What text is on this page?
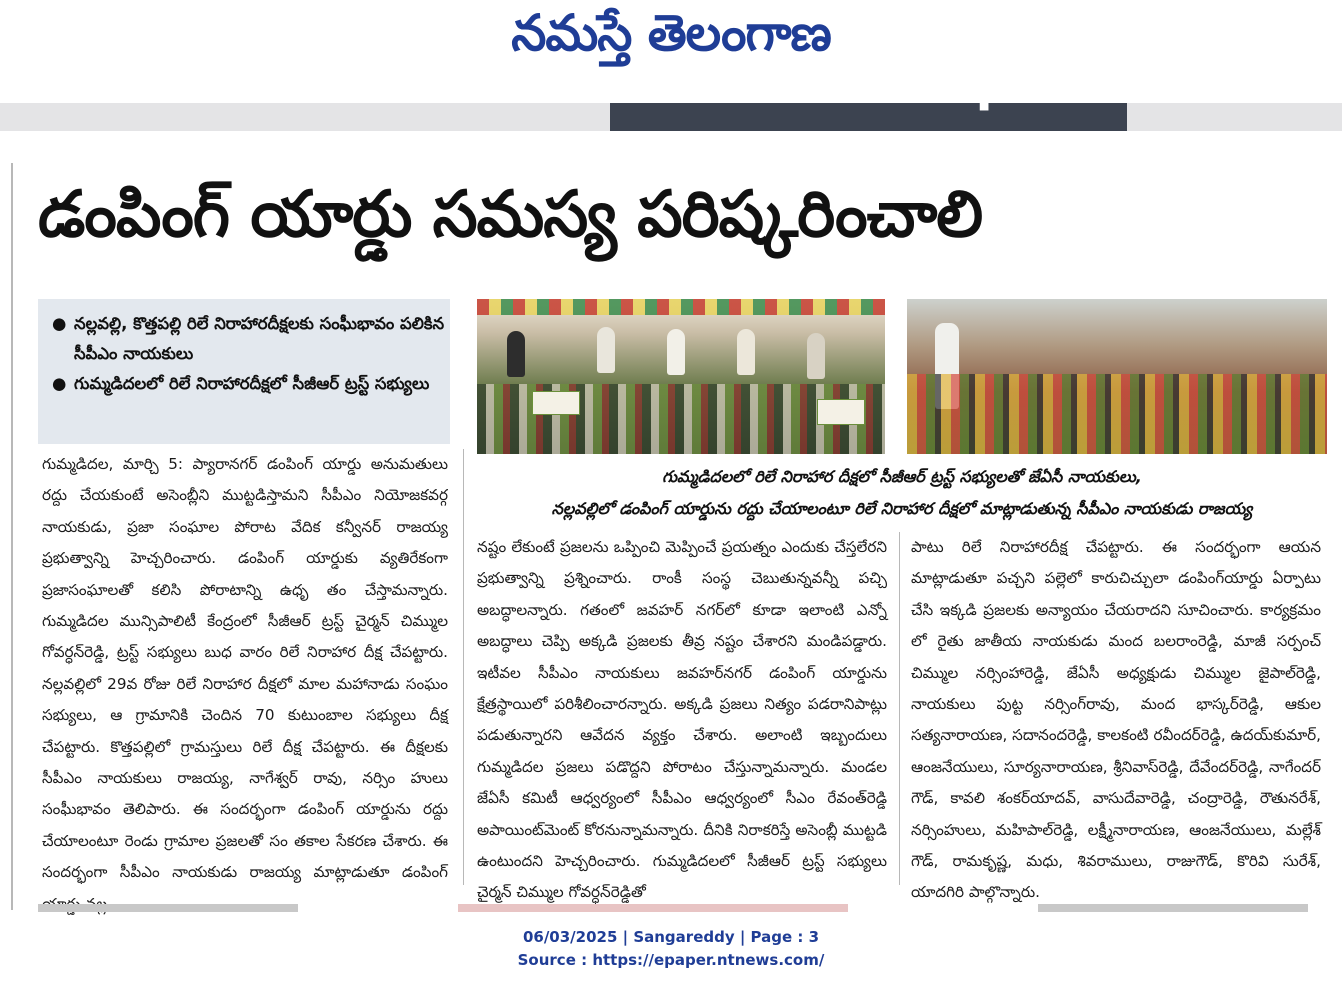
నమస్తే తెలంగాణ
▘
డంపింగ్ యార్డు సమస్య పరిష్కరించాలి
● నల్లవల్లి, కొత్తపల్లి రిలే నిరాహారదీక్షలకు సంఘీభావం పలికిన సీపీఎం నాయకులు
● గుమ్మడిదలలో రిలే నిరాహారదీక్షలో సీజీఆర్ ట్రస్ట్ సభ్యులు
గుమ్మడిదలలో రిలే నిరాహార దీక్షలో సీజీఆర్ ట్రస్ట్ సభ్యులతో జేఏసీ నాయకులు,
నల్లవల్లిలో డంపింగ్ యార్డును రద్దు చేయాలంటూ రిలే నిరాహార దీక్షలో మాట్లాడుతున్న సీపీఎం నాయకుడు రాజయ్య

గుమ్మడిదల, మార్చి 5: ప్యారానగర్ డంపింగ్ యార్డు అనుమతులు రద్దు చేయకుంటే అసెంబ్లీని ముట్టడిస్తామని సీపీఎం నియోజకవర్గ నాయకుడు, ప్రజా సంఘాల పోరాట వేదిక కన్వీనర్ రాజయ్య ప్రభుత్వాన్ని హెచ్చరించారు. డంపింగ్ యార్డుకు వ్యతిరేకంగా ప్రజాసంఘాలతో కలిసి పోరాటాన్ని ఉధృ తం చేస్తామన్నారు. గుమ్మడిదల మున్సిపాలిటీ కేంద్రంలో సీజీఆర్ ట్రస్ట్ చైర్మన్ చిమ్ముల గోవర్ధన్‌రెడ్డి, ట్రస్ట్ సభ్యులు బుధ వారం రిలే నిరాహార దీక్ష చేపట్టారు. నల్లవల్లిలో 29వ రోజు రిలే నిరాహార దీక్షలో మాల మహానాడు సంఘం సభ్యులు, ఆ గ్రామానికి చెందిన 70 కుటుంబాల సభ్యులు దీక్ష చేపట్టారు. కొత్తపల్లిలో గ్రామస్తులు రిలే దీక్ష చేపట్టారు. ఈ దీక్షలకు సీపీఎం నాయకులు రాజయ్య, నాగేశ్వర్ రావు, నర్సిం హులు సంఘీభావం తెలిపారు. ఈ సందర్భంగా డంపింగ్ యార్డును రద్దు చేయాలంటూ రెండు గ్రామాల ప్రజలతో సం తకాల సేకరణ చేశారు. ఈ సందర్భంగా సీపీఎం నాయకుడు రాజయ్య మాట్లాడుతూ డంపింగ్

నష్టం లేకుంటే ప్రజలను ఒప్పించి మెప్పించే ప్రయత్నం ఎందుకు చేస్తలేరని ప్రభుత్వాన్ని ప్రశ్నించారు. రాంకీ సంస్థ చెబుతున్నవన్నీ పచ్చి అబద్ధాలన్నారు. గతంలో జవహర్ నగర్‌లో కూడా ఇలాంటి ఎన్నో అబద్ధాలు చెప్పి అక్కడి ప్రజలకు తీవ్ర నష్టం చేశారని మండిపడ్డారు. ఇటీవల సీపీఎం నాయకులు జవహర్‌నగర్ డంపింగ్ యార్డును క్షేత్రస్థాయిలో పరిశీలించారన్నారు. అక్కడి ప్రజలు నిత్యం పడరానిపాట్లు పడుతున్నారని ఆవేదన వ్యక్తం చేశారు. అలాంటి ఇబ్బందులు గుమ్మడిదల ప్రజలు పడొద్దని పోరాటం చేస్తున్నామన్నారు. మండల జేఏసీ కమిటీ ఆధ్వర్యంలో సీపీఎం ఆధ్వర్యంలో సీఎం రేవంత్‌రెడ్డి అపాయింట్‌మెంట్ కోరనున్నామన్నారు. దీనికి నిరాకరిస్తే అసెంబ్లీ ముట్టడి ఉంటుందని హెచ్చరించారు. గుమ్మడిదలలో సీజీఆర్ ట్రస్ట్ సభ్యులు చైర్మన్ చిమ్ముల గోవర్ధన్‌రెడ్డితో

పాటు రిలే నిరాహారదీక్ష చేపట్టారు. ఈ సందర్భంగా ఆయన మాట్లాడుతూ పచ్చని పల్లెలో కారుచిచ్చులా డంపింగ్‌యార్డు ఏర్పాటు చేసి ఇక్కడి ప్రజలకు అన్యాయం చేయరాదని సూచించారు. కార్యక్రమం లో రైతు జాతీయ నాయకుడు మంద బలరాంరెడ్డి, మాజీ సర్పంచ్ చిమ్ముల నర్సింహారెడ్డి, జేఏసీ అధ్యక్షుడు చిమ్ముల జైపాల్‌రెడ్డి, నాయకులు పుట్ట నర్సింగ్‌రావు, మంద భాస్కర్‌రెడ్డి, ఆకుల సత్యనారాయణ, సదానందరెడ్డి, కాలకంటి రవీందర్‌రెడ్డి, ఉదయ్‌కుమార్, ఆంజనేయులు, సూర్యనారాయణ, శ్రీనివాస్‌రెడ్డి, దేవేందర్‌రెడ్డి, నాగేందర్ గౌడ్, కావలి శంకర్‌యాదవ్, వాసుదేవారెడ్డి, చంద్రారెడ్డి, రౌతునరేశ్, నర్సింహులు, మహిపాల్‌రెడ్డి, లక్ష్మీనారాయణ, ఆంజనేయులు, మల్లేశ్ గౌడ్, రామకృష్ణ, మధు, శివరాములు, రాజుగౌడ్, కొరివి సురేశ్, యాదగిరి పాల్గొన్నారు.

06/03/2025 | Sangareddy | Page : 3
Source : https://epaper.ntnews.com/
